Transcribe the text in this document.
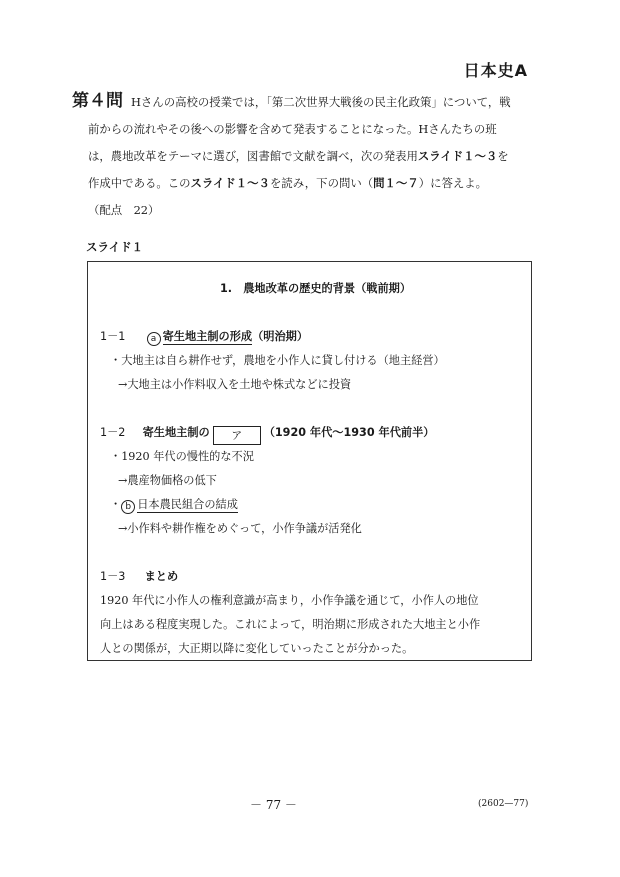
日本史A
第４問 Hさんの高校の授業では，「第二次世界大戦後の民主化政策」について，戦
前からの流れやその後への影響を含めて発表することになった。Hさんたちの班
は，農地改革をテーマに選び，図書館で文献を調べ，次の発表用スライド１～３を
作成中である。このスライド１～３を読み，下の問い（問１～７）に答えよ。
（配点　22）
スライド１
1.　農地改革の歴史的背景（戦前期）
1－1	a 寄生地主制の形成（明治期）
・大地主は自ら耕作せず，農地を小作人に貸し付ける（地主経営）
→大地主は小作料収入を土地や株式などに投資
1－2 寄生地主制の ア （1920 年代～1930 年代前半）
・1920 年代の慢性的な不況
→農産物価格の低下
・ b 日本農民組合の結成
→小作料や耕作権をめぐって，小作争議が活発化
1－3 まとめ
1920 年代に小作人の権利意識が高まり，小作争議を通じて，小作人の地位
向上はある程度実現した。これによって，明治期に形成された大地主と小作
人との関係が，大正期以降に変化していったことが分かった。
－ 77 －	(2602—77)
